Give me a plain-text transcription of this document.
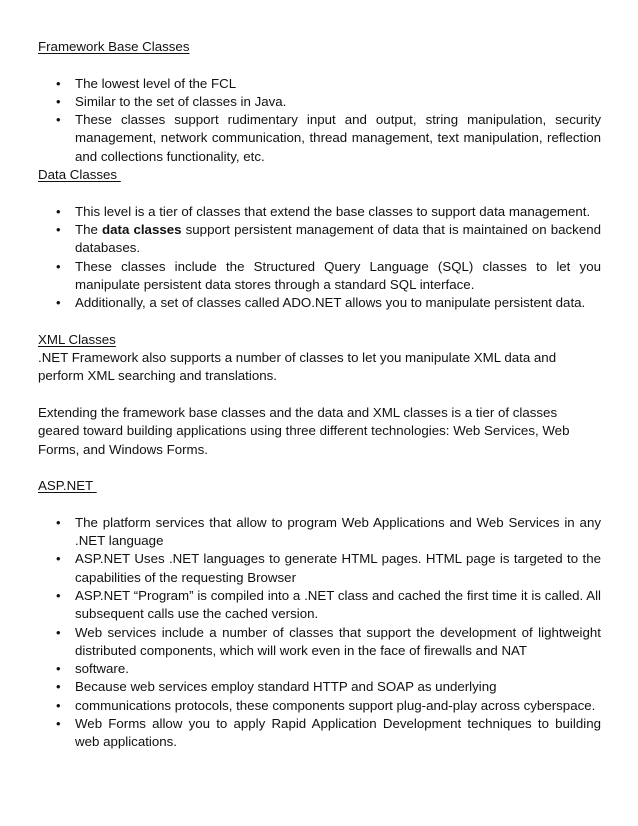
Framework Base Classes
• The lowest level of the FCL
• Similar to the set of classes in Java.
• These classes support rudimentary input and output, string manipulation, security management, network communication, thread management, text manipulation, reflection and collections functionality, etc.
Data Classes
• This level is a tier of classes that extend the base classes to support data management.
• The data classes support persistent management of data that is maintained on backend databases.
• These classes include the Structured Query Language (SQL) classes to let you manipulate persistent data stores through a standard SQL interface.
• Additionally, a set of classes called ADO.NET allows you to manipulate persistent data.
XML Classes

.NET Framework also supports a number of classes to let you manipulate XML data and perform XML searching and translations.

Extending the framework base classes and the data and XML classes is a tier of classes geared toward building applications using three different technologies: Web Services, Web Forms, and Windows Forms.

ASP.NET
• The platform services that allow to program Web Applications and Web Services in any .NET language
• ASP.NET Uses .NET languages to generate HTML pages. HTML page is targeted to the capabilities of the requesting Browser
• ASP.NET “Program” is compiled into a .NET class and cached the first time it is called. All subsequent calls use the cached version.
• Web services include a number of classes that support the development of lightweight distributed components, which will work even in the face of firewalls and NAT
• software.
• Because web services employ standard HTTP and SOAP as underlying
• communications protocols, these components support plug-and-play across cyberspace.
• Web Forms allow you to apply Rapid Application Development techniques to building web applications.
